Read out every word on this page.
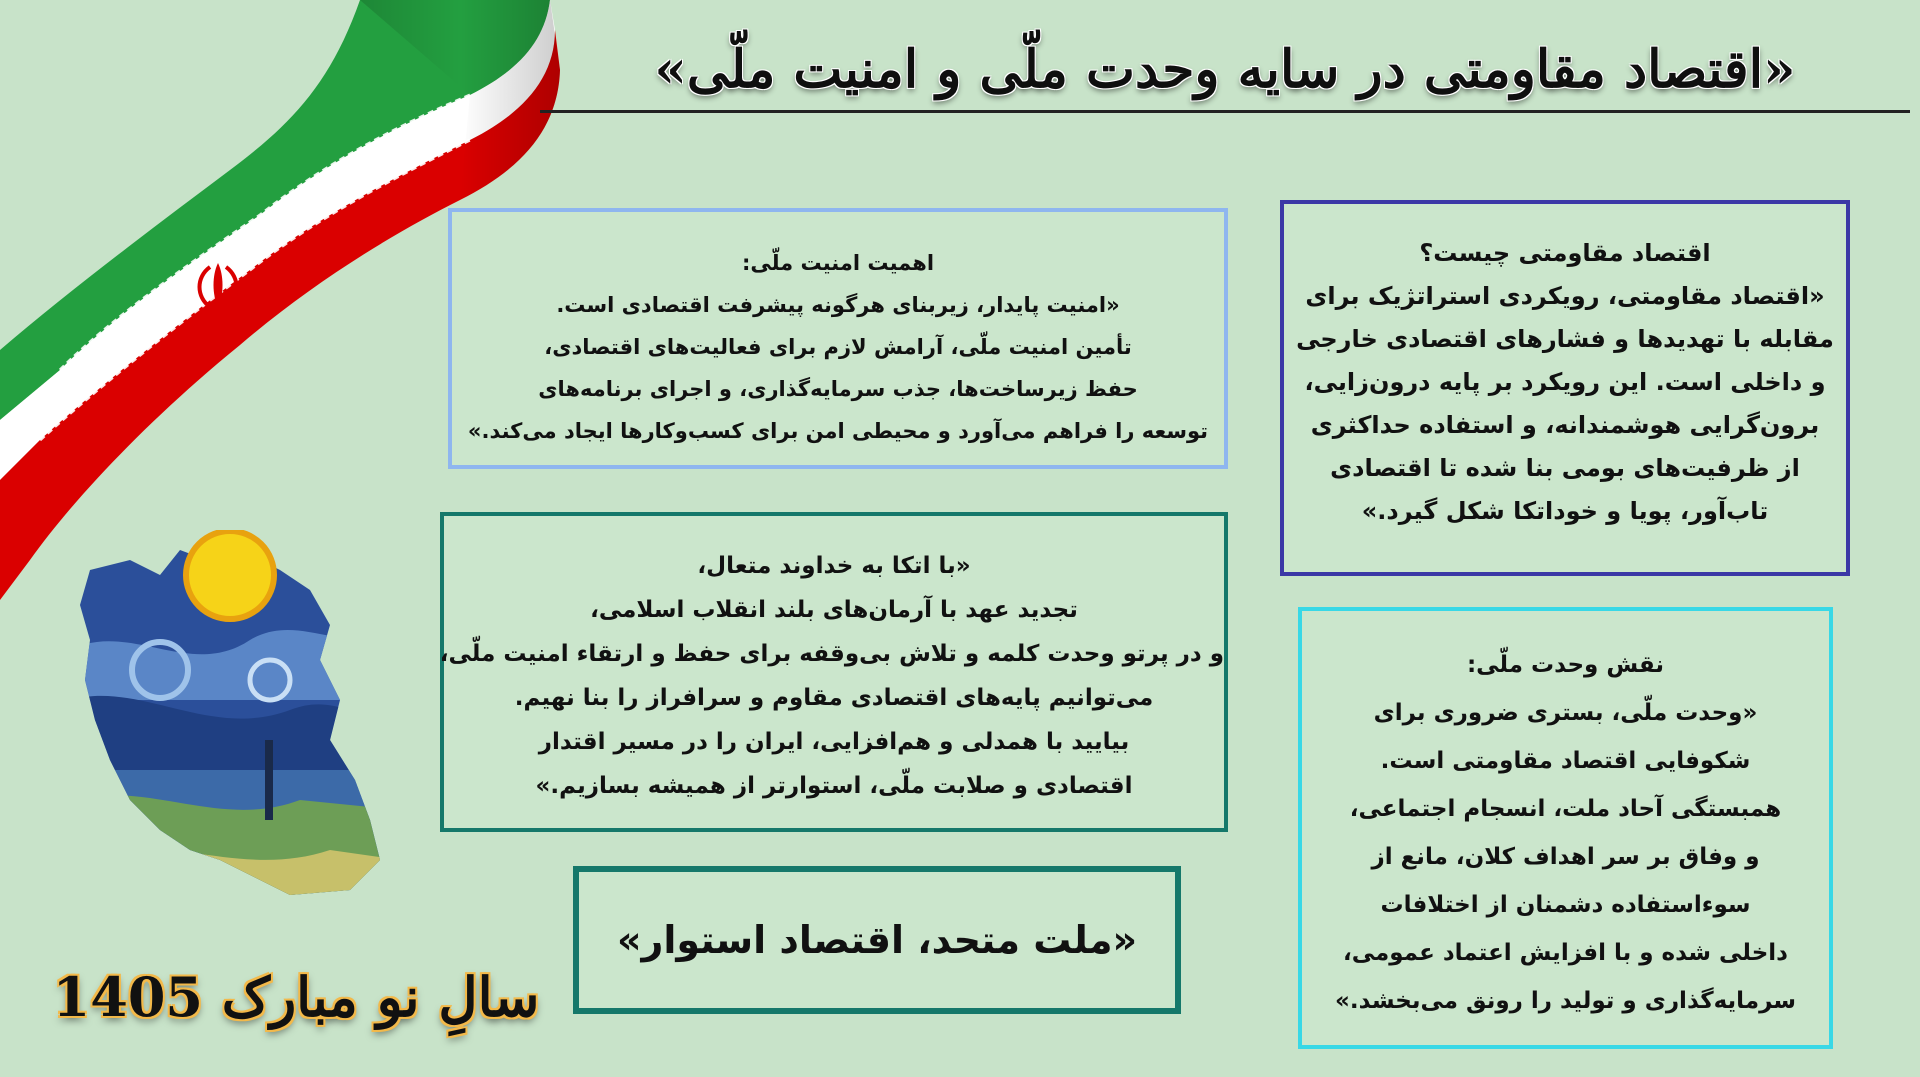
«اقتصاد مقاومتی در سایه وحدت ملّی و امنیت ملّی»
اقتصاد مقاومتی چیست؟
«اقتصاد مقاومتی، رویکردی استراتژیک برای
مقابله با تهدیدها و فشارهای اقتصادی خارجی
و داخلی است. این رویکرد بر پایه درون‌زایی،
برون‌گرایی هوشمندانه، و استفاده حداکثری
از ظرفیت‌های بومی بنا شده تا اقتصادی
تاب‌آور، پویا و خوداتکا شکل گیرد.»
اهمیت امنیت ملّی:
«امنیت پایدار، زیربنای هرگونه پیشرفت اقتصادی است.
تأمین امنیت ملّی، آرامش لازم برای فعالیت‌های اقتصادی،
حفظ زیرساخت‌ها، جذب سرمایه‌گذاری، و اجرای برنامه‌های
توسعه را فراهم می‌آورد و محیطی امن برای کسب‌وکارها ایجاد می‌کند.»
نقش وحدت ملّی:
«وحدت ملّی، بستری ضروری برای
شکوفایی اقتصاد مقاومتی است.
همبستگی آحاد ملت، انسجام اجتماعی،
و وفاق بر سر اهداف کلان، مانع از
سوءاستفاده دشمنان از اختلافات
داخلی شده و با افزایش اعتماد عمومی،
سرمایه‌گذاری و تولید را رونق می‌بخشد.»
«با اتکا به خداوند متعال،
تجدید عهد با آرمان‌های بلند انقلاب اسلامی،
و در پرتو وحدت کلمه و تلاش بی‌وقفه برای حفظ و ارتقاء امنیت ملّی،
می‌توانیم پایه‌های اقتصادی مقاوم و سرافراز را بنا نهیم.
بیایید با همدلی و هم‌افزایی، ایران را در مسیر اقتدار
اقتصادی و صلابت ملّی، استوارتر از همیشه بسازیم.»
«ملت متحد، اقتصاد استوار»
سالِ نو مبارک 1405
